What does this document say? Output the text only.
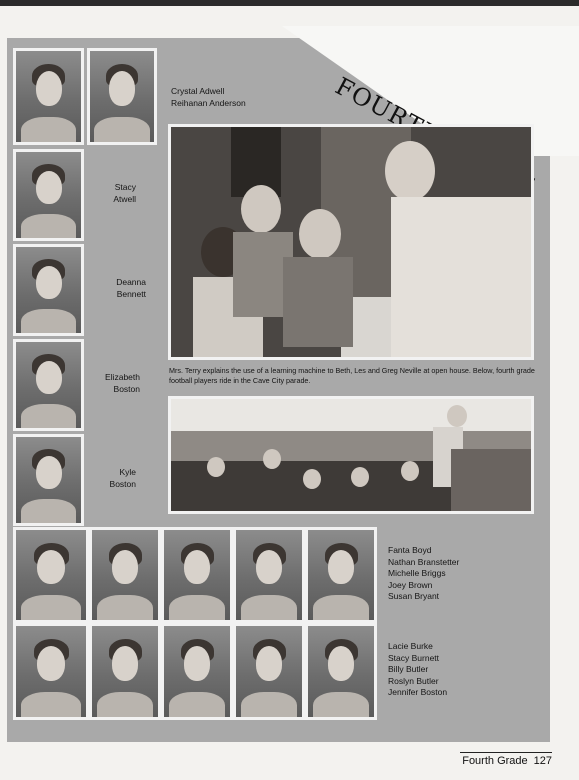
FOURTH
Crystal Adwell
Reihanan Anderson
Stacy
Atwell
Deanna
Bennett
Elizabeth
Boston
Kyle
Boston
Mrs. Terry explains the use of a learning machine to Beth, Les and Greg Neville at open house. Below, fourth grade football players ride in the Cave City parade.
Fanta Boyd
Nathan Branstetter
Michelle Briggs
Joey Brown
Susan Bryant
Lacie Burke
Stacy Burnett
Billy Butler
Roslyn Butler
Jennifer Boston
Fourth Grade 127
